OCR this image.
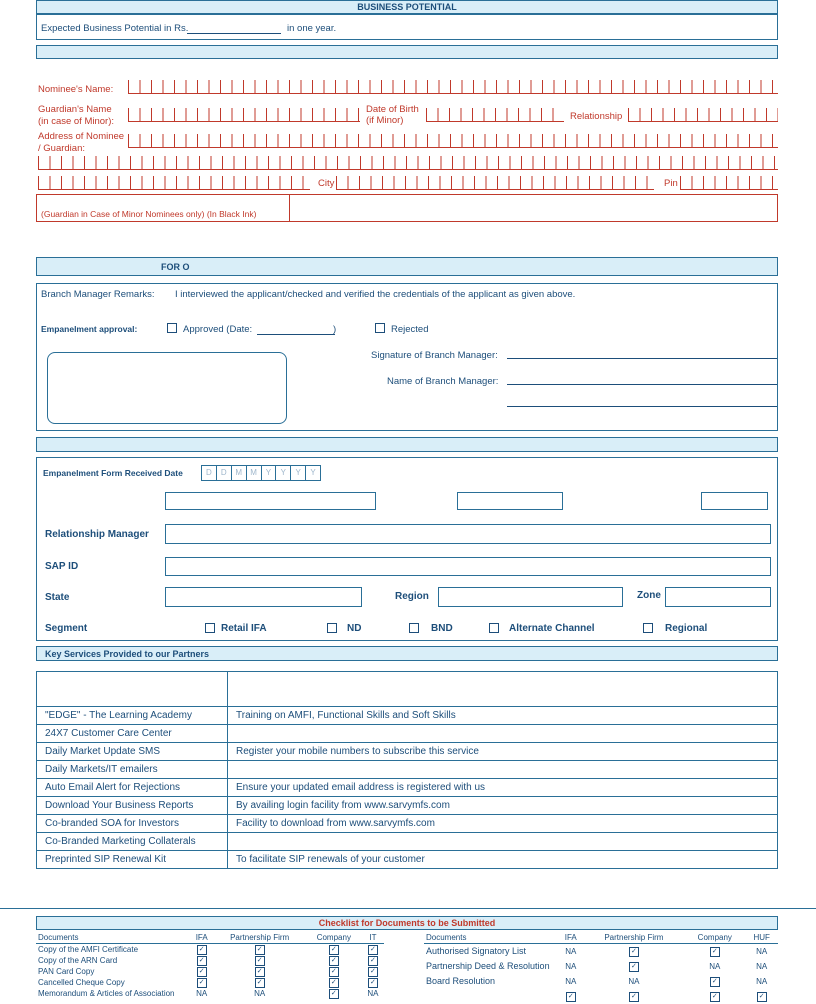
BUSINESS POTENTIAL
Expected Business Potential in Rs.	in one year.
Nominee's Name:
Guardian's Name (in case of Minor):
Date of Birth (if Minor)	Relationship
Address of Nominee / Guardian:
City	Pin
(Guardian in Case of Minor Nominees only) (In Black Ink)
FOR O
Branch Manager Remarks: I interviewed the applicant/checked and verified the credentials of the applicant as given above.
Empanelment approval:	Approved (Date:	)	Rejected
Signature of Branch Manager:
Name of Branch Manager:
Empanelment Form Received Date	D	D	M	M	Y	Y	Y	Y
Relationship Manager
SAP ID
State	Region	Zone
Segment	Retail IFA	ND	BND	Alternate Channel	Regional
Key Services Provided to our Partners

"EDGE" - The Learning Academy	Training on AMFI, Functional Skills and Soft Skills
24X7 Customer Care Center	
Daily Market Update SMS	Register your mobile numbers to subscribe this service
Daily Markets/IT emailers	
Auto Email Alert for Rejections	Ensure your updated email address is registered with us
Download Your Business Reports	By availing login facility from www.sarvymfs.com
Co-branded SOA for Investors	Facility to download from www.sarvymfs.com
Co-Branded Marketing Collaterals	
Preprinted SIP Renewal Kit	To facilitate SIP renewals of your customer
Checklist for Documents to be Submitted
Documents	IFA	Partnership Firm	Company	IT
Copy of the AMFI Certificate	✓	✓	✓	✓
Copy of the ARN Card	✓	✓	✓	✓
PAN Card Copy	✓	✓	✓	✓
Cancelled Cheque Copy	✓	✓	✓	✓
Memorandum & Articles of Association	NA	NA	✓	NA
Documents	IFA	Partnership Firm	Company	HUF
Authorised Signatory List	NA	✓	✓	NA
Partnership Deed & Resolution	NA	✓	NA	NA
Board Resolution	NA	NA	✓	NA
	✓	✓	✓	✓
